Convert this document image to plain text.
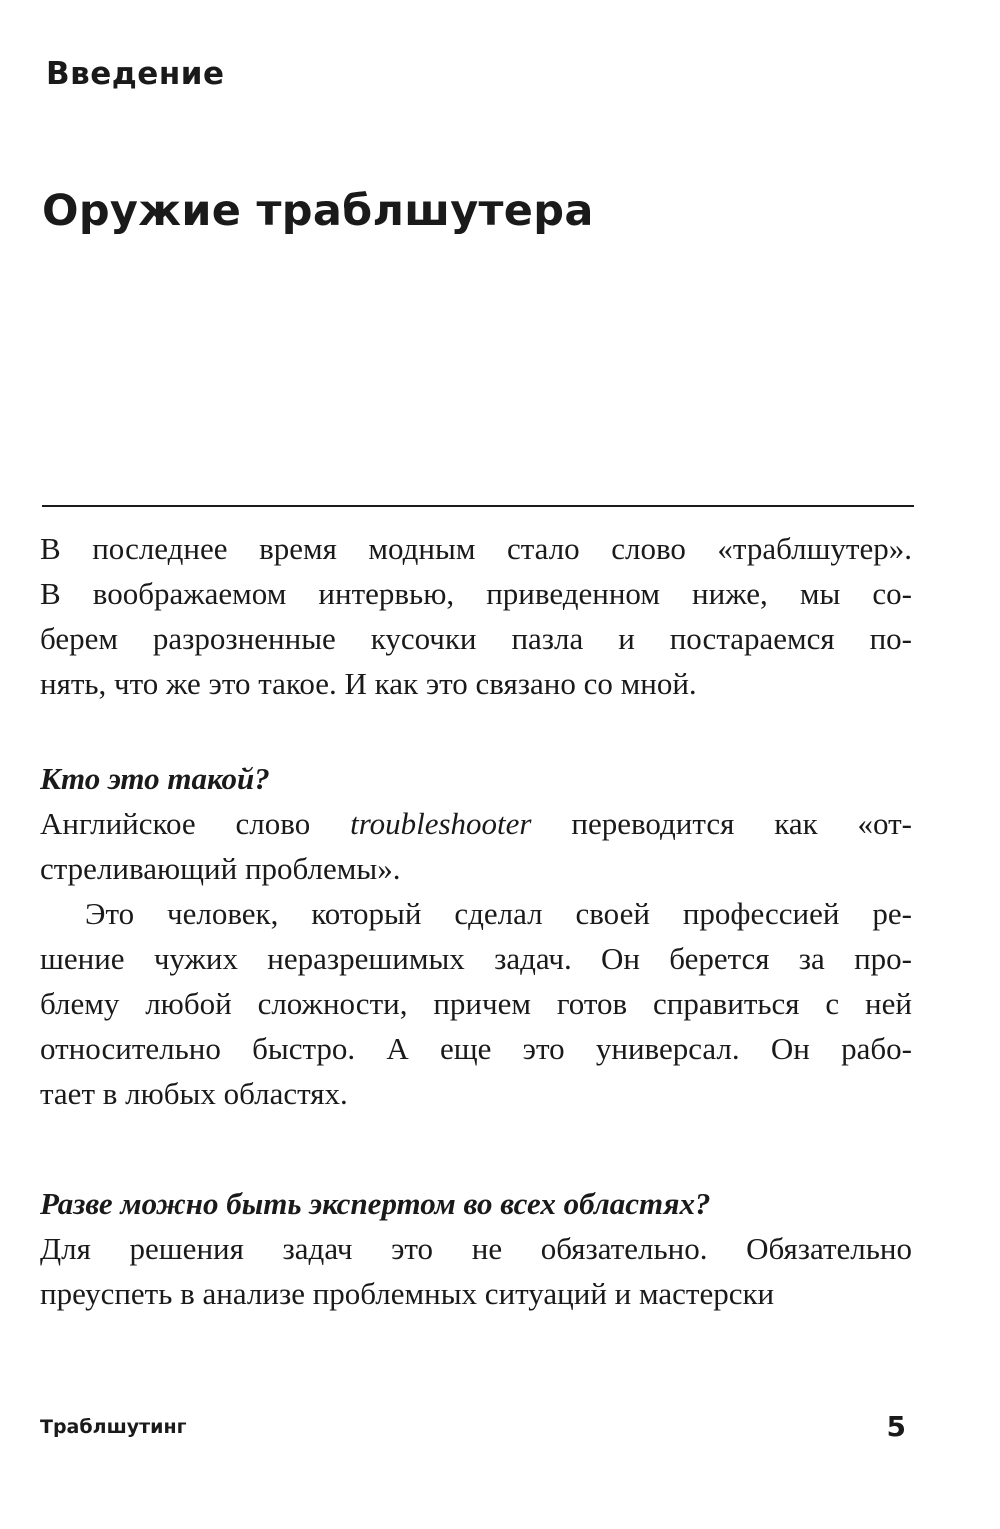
Введение
Оружие траблшутера
В последнее время модным стало слово «траблшутер».
В воображаемом интервью, приведенном ниже, мы со-
берем разрозненные кусочки пазла и постараемся по-
нять, что же это такое. И как это связано со мной.
Кто это такой?
Английское слово troubleshooter переводится как «от-
стреливающий проблемы».
Это человек, который сделал своей профессией ре-
шение чужих неразрешимых задач. Он берется за про-
блему любой сложности, причем готов справиться с ней
относительно быстро. А еще это универсал. Он рабо-
тает в любых областях.
Разве можно быть экспертом во всех областях?
Для решения задач это не обязательно. Обязательно
преуспеть в анализе проблемных ситуаций и мастерски
Траблшутинг	5
